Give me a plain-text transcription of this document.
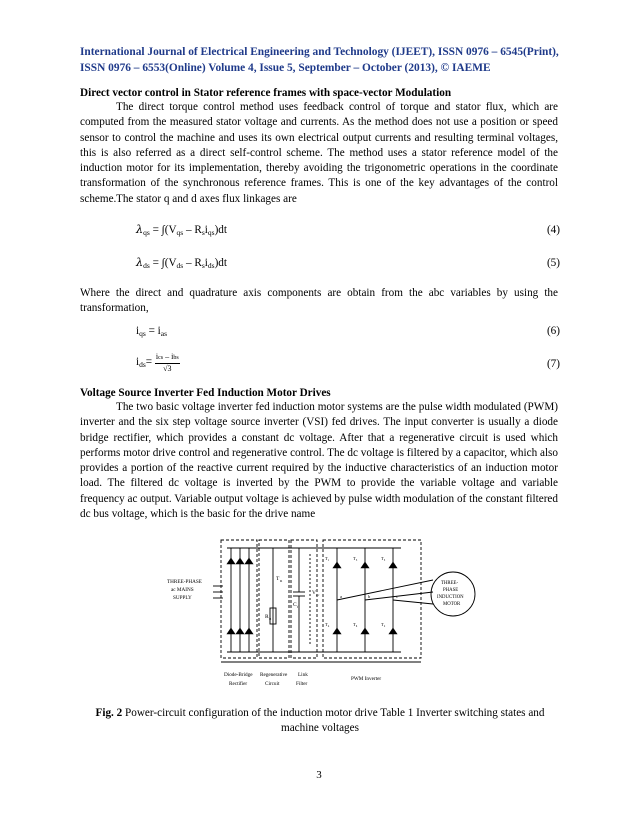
International Journal of Electrical Engineering and Technology (IJEET), ISSN 0976 – 6545(Print),
ISSN 0976 – 6553(Online) Volume 4, Issue 5, September – October (2013), © IAEME
Direct vector control in Stator reference frames with space-vector Modulation
The direct torque control method uses feedback control of torque and stator flux, which are computed from the measured stator voltage and currents. As the method does not use a position or speed sensor to control the machine and uses its own electrical output currents and resulting terminal voltages, this is also referred as a direct self-control scheme. The method uses a stator reference model of the induction motor for its implementation, thereby avoiding the trigonometric operations in the coordinate transformation of the synchronous reference frames. This is one of the key advantages of the control scheme. The stator q and d axes flux linkages are
$\lambda_{qs} = \int(V_{qs} - R_si_{qs})dt$	(4)
$\lambda_{ds} = \int(V_{ds} - R_si_{ds})dt$	(5)
Where the direct and quadrature axis components are obtain from the abc variables by using the transformation,
$i_{qs} = i_{as}$	(6)
$i_{ds}=$ ics – ibs
√3	(7)
Voltage Source Inverter Fed Induction Motor Drives
The two basic voltage inverter fed induction motor systems are the pulse width modulated (PWM) inverter and the six step voltage source inverter (VSI) fed drives. The input converter is usually a diode bridge rectifier, which provides a constant dc voltage. After that a regenerative circuit is used which performs motor drive control and regenerative control. The dc voltage is filtered by a capacitor, which also provides a portion of the reactive current required by the inductive characteristics of an induction motor load. The filtered dc voltage is inverted by the PWM to provide the variable voltage and variable frequency ac output. Variable output voltage is achieved by pulse width modulation of the constant filtered dc bus voltage, which is the basic for the drive name
THREE-PHASE
ac MAINS
SUPPLY
THREE-
PHASE
INDUCTION
MOTOR
T R
R R
C f
V dc	a	b	c
T₁	T₃	T₅
T₄	T₆	T₂
Diode-Bridge
Rectifier
Regenerative
Circuit
Link
Filter
PWM Inverter
Fig. 2 Power-circuit configuration of the induction motor drive Table 1 Inverter switching states and machine voltages
3
